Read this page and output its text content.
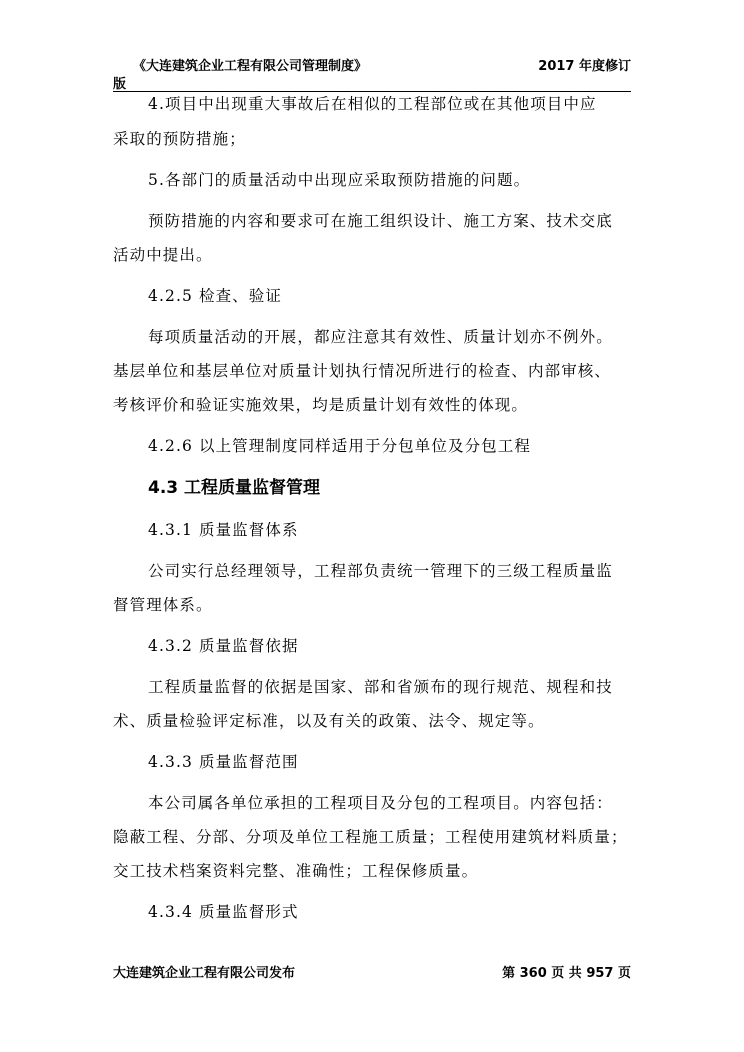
《大连建筑企业工程有限公司管理制度》	2017 年度修订
版
4.项目中出现重大事故后在相似的工程部位或在其他项目中应
采取的预防措施；
5.各部门的质量活动中出现应采取预防措施的问题。
预防措施的内容和要求可在施工组织设计、施工方案、技术交底
活动中提出。
4.2.5 检查、验证
每项质量活动的开展，都应注意其有效性、质量计划亦不例外。
基层单位和基层单位对质量计划执行情况所进行的检查、内部审核、
考核评价和验证实施效果，均是质量计划有效性的体现。
4.2.6 以上管理制度同样适用于分包单位及分包工程
4.3 工程质量监督管理
4.3.1 质量监督体系
公司实行总经理领导，工程部负责统一管理下的三级工程质量监
督管理体系。
4.3.2 质量监督依据
工程质量监督的依据是国家、部和省颁布的现行规范、规程和技
术、质量检验评定标准，以及有关的政策、法令、规定等。
4.3.3 质量监督范围
本公司属各单位承担的工程项目及分包的工程项目。内容包括：
隐蔽工程、分部、分项及单位工程施工质量；工程使用建筑材料质量；
交工技术档案资料完整、准确性；工程保修质量。
4.3.4 质量监督形式
大连建筑企业工程有限公司发布	第 360 页 共 957 页
